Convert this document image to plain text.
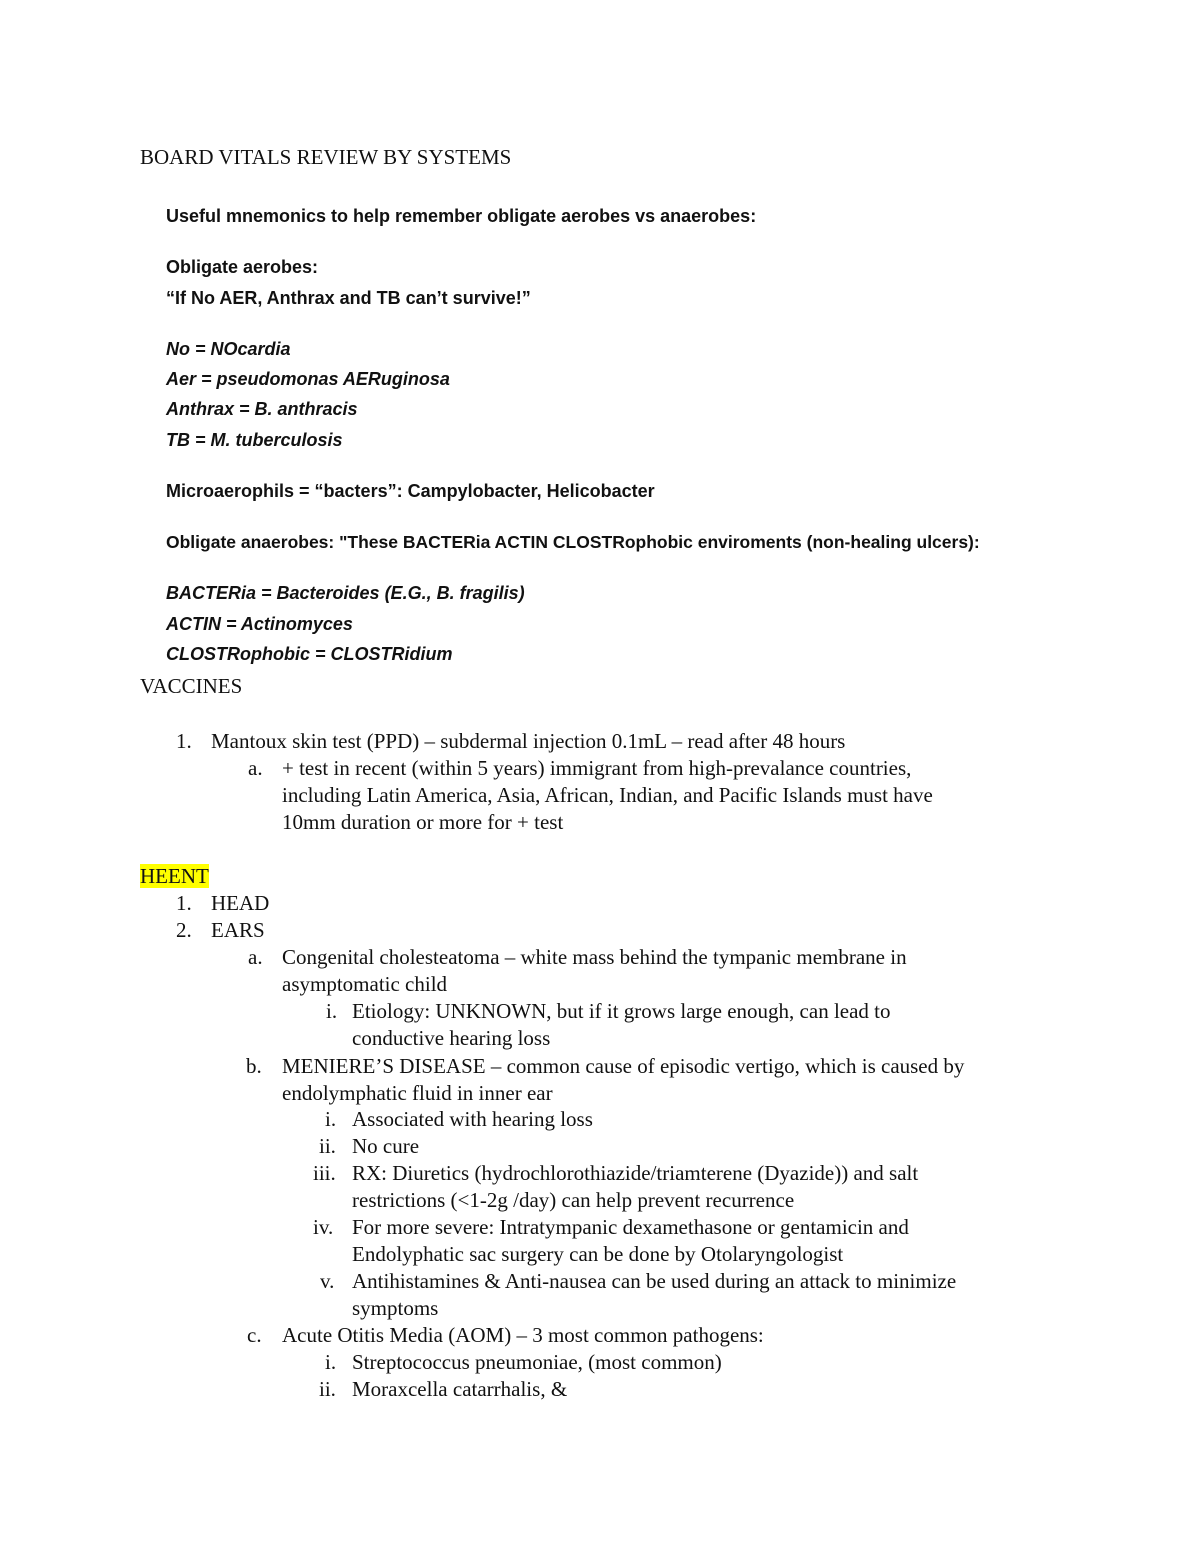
BOARD VITALS REVIEW BY SYSTEMS
Useful mnemonics to help remember obligate aerobes vs anaerobes:
Obligate aerobes:
“If No AER, Anthrax and TB can’t survive!”
No = NOcardia
Aer = pseudomonas AERuginosa
Anthrax = B. anthracis
TB = M. tuberculosis
Microaerophils = “bacters”: Campylobacter, Helicobacter
Obligate anaerobes: "These BACTERia ACTIN CLOSTRophobic enviroments (non-healing ulcers):
BACTERia = Bacteroides (E.G., B. fragilis)
ACTIN = Actinomyces
CLOSTRophobic = CLOSTRidium
VACCINES
1. Mantoux skin test (PPD) – subdermal injection 0.1mL – read after 48 hours
a. + test in recent (within 5 years) immigrant from high-prevalance countries,
including Latin America, Asia, African, Indian, and Pacific Islands must have
10mm duration or more for + test
HEENT
1. HEAD
2. EARS
a. Congenital cholesteatoma – white mass behind the tympanic membrane in
asymptomatic child
i. Etiology: UNKNOWN, but if it grows large enough, can lead to
conductive hearing loss
b. MENIERE’S DISEASE – common cause of episodic vertigo, which is caused by
endolymphatic fluid in inner ear
i. Associated with hearing loss
ii. No cure
iii. RX: Diuretics (hydrochlorothiazide/triamterene (Dyazide)) and salt
restrictions (<1-2g /day) can help prevent recurrence
iv. For more severe: Intratympanic dexamethasone or gentamicin and
Endolyphatic sac surgery can be done by Otolaryngologist
v. Antihistamines & Anti-nausea can be used during an attack to minimize
symptoms
c. Acute Otitis Media (AOM) – 3 most common pathogens:
i. Streptococcus pneumoniae, (most common)
ii. Moraxcella catarrhalis, &
